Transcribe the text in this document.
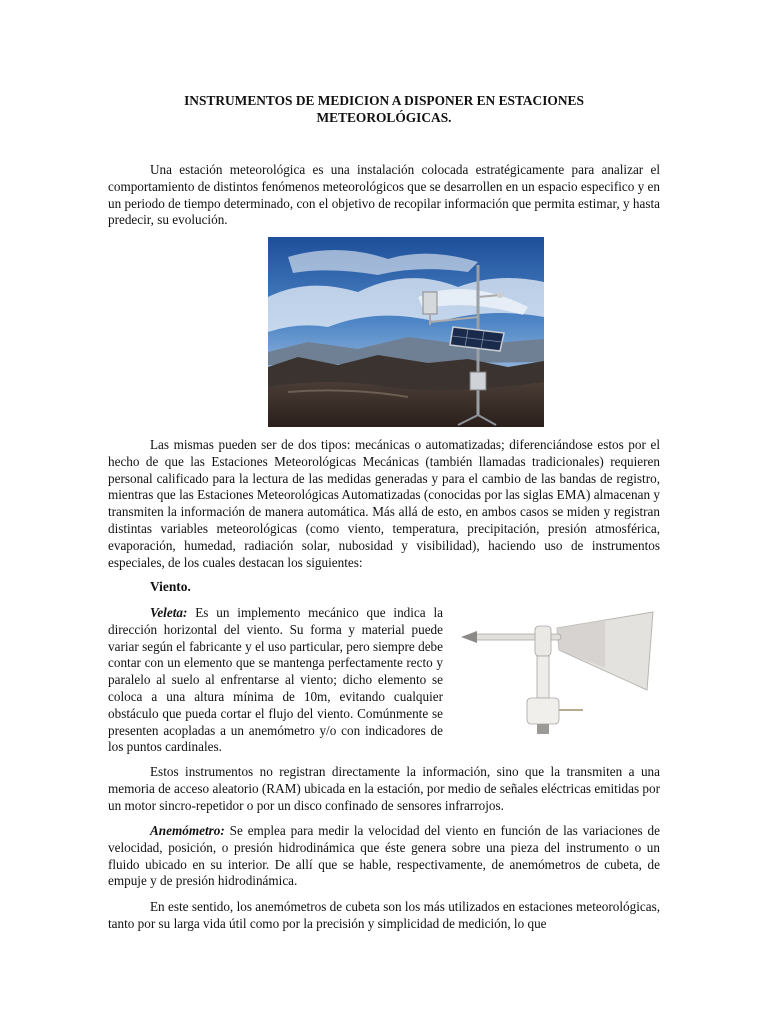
INSTRUMENTOS DE MEDICION A DISPONER EN ESTACIONES
METEOROLÓGICAS.

Una estación meteorológica es una instalación colocada estratégicamente para analizar el comportamiento de distintos fenómenos meteorológicos que se desarrollen en un espacio especifico y en un periodo de tiempo determinado, con el objetivo de recopilar información que permita estimar, y hasta predecir, su evolución.

Las mismas pueden ser de dos tipos: mecánicas o automatizadas; diferenciándose estos por el hecho de que las Estaciones Meteorológicas Mecánicas (también llamadas tradicionales) requieren personal calificado para la lectura de las medidas generadas y para el cambio de las bandas de registro, mientras que las Estaciones Meteorológicas Automatizadas (conocidas por las siglas EMA) almacenan y transmiten la información de manera automática. Más allá de esto, en ambos casos se miden y registran distintas variables meteorológicas (como viento, temperatura, precipitación, presión atmosférica, evaporación, humedad, radiación solar, nubosidad y visibilidad), haciendo uso de instrumentos especiales, de los cuales destacan los siguientes:

Viento.

Veleta: Es un implemento mecánico que indica la dirección horizontal del viento. Su forma y material puede variar según el fabricante y el uso particular, pero siempre debe contar con un elemento que se mantenga perfectamente recto y paralelo al suelo al enfrentarse al viento; dicho elemento se coloca a una altura mínima de 10m, evitando cualquier obstáculo que pueda cortar el flujo del viento. Comúnmente se presenten acopladas a un anemómetro y/o con indicadores de los puntos cardinales.

Estos instrumentos no registran directamente la información, sino que la transmiten a una memoria de acceso aleatorio (RAM) ubicada en la estación, por medio de señales eléctricas emitidas por un motor sincro-repetidor o por un disco confinado de sensores infrarrojos.

Anemómetro: Se emplea para medir la velocidad del viento en función de las variaciones de velocidad, posición, o presión hidrodinámica que éste genera sobre una pieza del instrumento o un fluido ubicado en su interior. De allí que se hable, respectivamente, de anemómetros de cubeta, de empuje y de presión hidrodinámica.

En este sentido, los anemómetros de cubeta son los más utilizados en estaciones meteorológicas, tanto por su larga vida útil como por la precisión y simplicidad de medición, lo que
